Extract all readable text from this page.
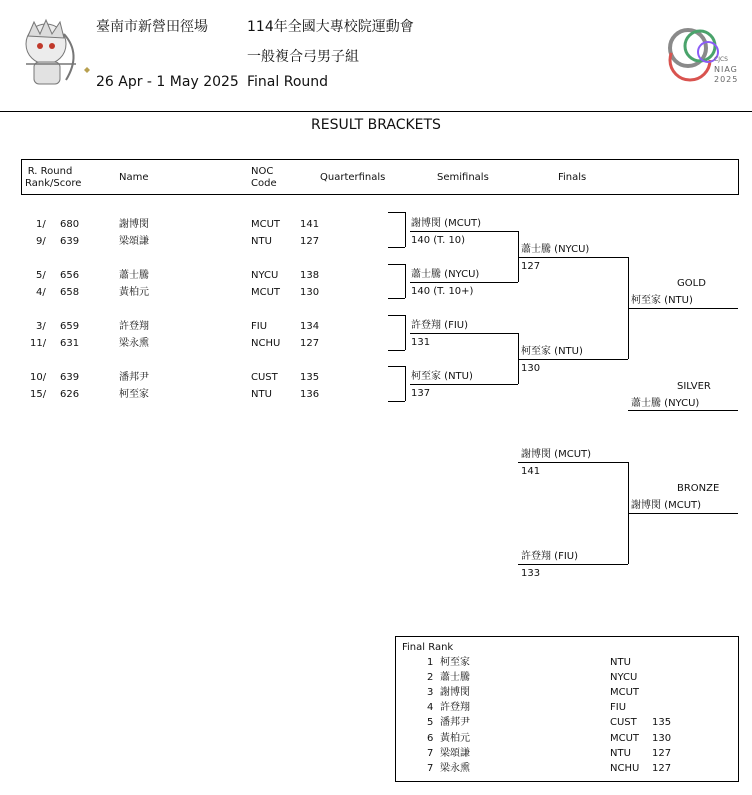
臺南市新營田徑場
26 Apr - 1 May 2025
114年全國大專校院運動會
一般複合弓男子組
Final Round
CJCS
NIAG
2025
RESULT BRACKETS
R. Round
Rank/Score
Name
NOC
Code
Quarterfinals	Semifinals	Finals
1/ 680	謝博閔	MCUT 141
9/ 639	梁頌謙	NTU	127
5/ 656	蕭士騰	NYCU 138
4/ 658	黃柏元	MCUT 130
3/ 659	許登翔	FIU	134
11/ 631	梁永熏	NCHU 127
10/ 639	潘邦尹	CUST 135
15/ 626	柯至家	NTU	136
謝博閔 (MCUT)
140 (T. 10)
蕭士騰 (NYCU)
140 (T. 10+)
許登翔 (FIU)
131
柯至家 (NTU)
137
蕭士騰 (NYCU)
127
柯至家 (NTU)
130
GOLD
柯至家 (NTU)
SILVER
蕭士騰 (NYCU)
謝博閔 (MCUT)
141
許登翔 (FIU)
133
BRONZE
謝博閔 (MCUT)
Final Rank
1 柯至家	NTU
2 蕭士騰	NYCU
3 謝博閔	MCUT
4 許登翔	FIU
5 潘邦尹	CUST 135
6 黃柏元	MCUT 130
7 梁頌謙	NTU 127
7 梁永熏	NCHU 127
